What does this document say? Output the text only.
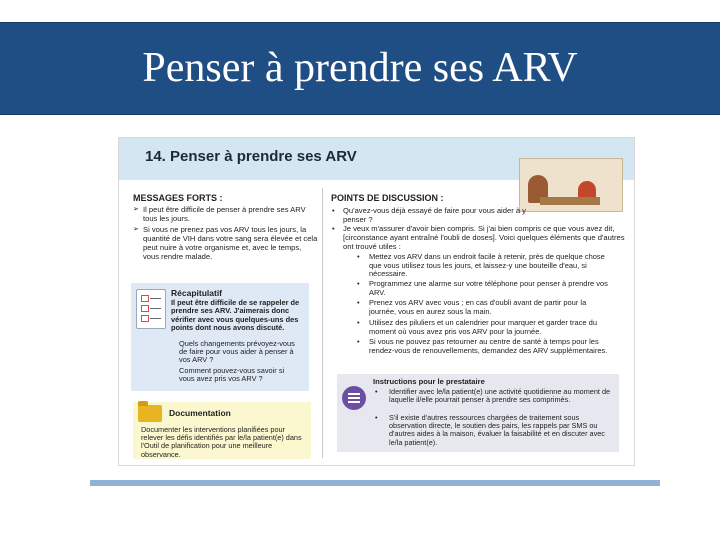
Penser à prendre ses ARV
14. Penser à prendre ses ARV
MESSAGES FORTS :
➢ Il peut être difficile de penser à prendre ses ARV tous les jours.
➢ Si vous ne prenez pas vos ARV tous les jours, la quantité de VIH dans votre sang sera élevée et cela peut nuire à votre organisme et, avec le temps, vous rendre malade.
Récapitulatif
Il peut être difficile de se rappeler de prendre ses ARV. J'aimerais donc vérifier avec vous quelques-uns des points dont nous avons discuté.
Quels changements prévoyez-vous de faire pour vous aider à penser à vos ARV ?
Comment pouvez-vous savoir si vous avez pris vos ARV ?
Documentation
Documenter les interventions planifiées pour relever les défis identifiés par le/la patient(e) dans l'Outil de planification pour une meilleure observance.
POINTS DE DISCUSSION :
• Qu'avez-vous déjà essayé de faire pour vous aider à y penser ?
• Je veux m'assurer d'avoir bien compris. Si j'ai bien compris ce que vous avez dit, [circonstance ayant entraîné l'oubli de doses]. Voici quelques éléments que d'autres ont trouvé utiles :
• Mettez vos ARV dans un endroit facile à retenir, près de quelque chose que vous utilisez tous les jours, et laissez-y une bouteille d'eau, si nécessaire.
• Programmez une alarme sur votre téléphone pour penser à prendre vos ARV.
• Prenez vos ARV avec vous ; en cas d'oubli avant de partir pour la journée, vous en aurez sous la main.
• Utilisez des piluliers et un calendrier pour marquer et garder trace du moment où vous avez pris vos ARV pour la journée.
• Si vous ne pouvez pas retourner au centre de santé à temps pour les rendez-vous de renouvellements, demandez des ARV supplémentaires.
Instructions pour le prestataire
• Identifier avec le/la patient(e) une activité quotidienne au moment de laquelle il/elle pourrait penser à prendre ses comprimés.
• S'il existe d'autres ressources chargées de traitement sous observation directe, le soutien des pairs, les rappels par SMS ou d'autres aides à la maison, évaluer la faisabilité et en discuter avec le/la patient(e).
